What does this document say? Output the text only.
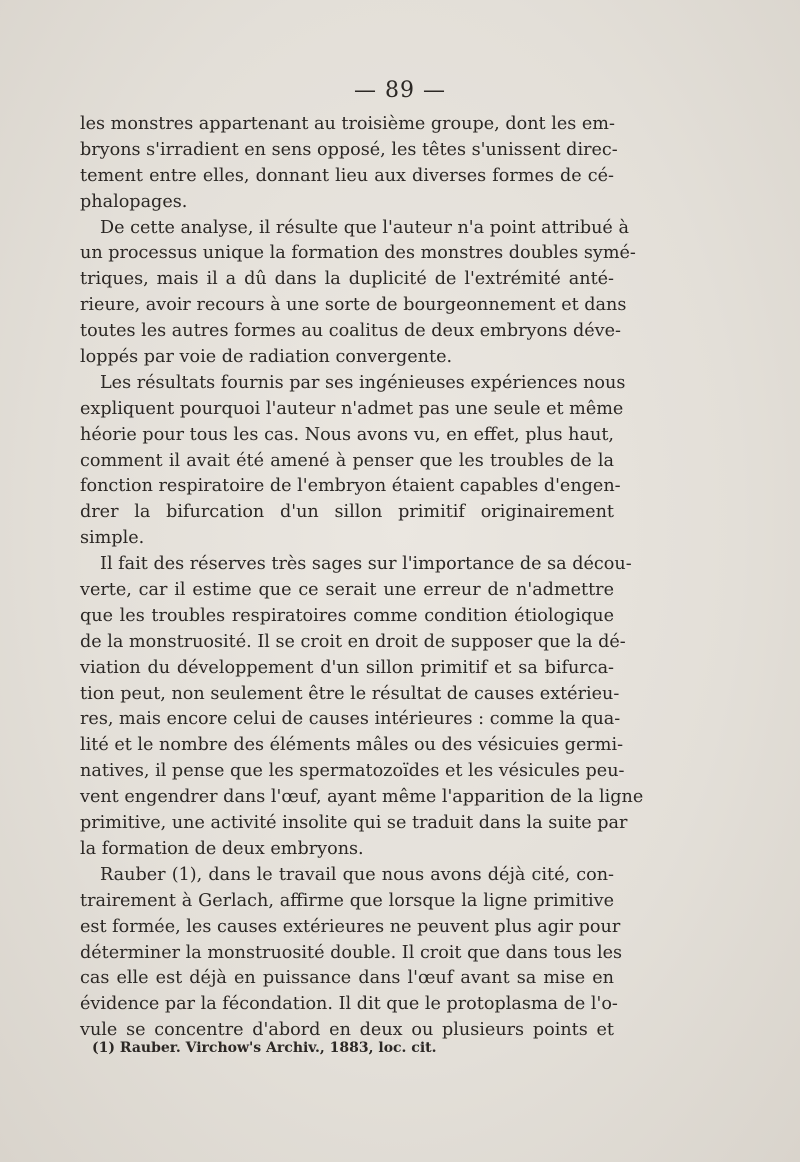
— 89 —
les monstres appartenant au troisième groupe, dont les em-
bryons s'irradient en sens opposé, les têtes s'unissent direc-
tement entre elles, donnant lieu aux diverses formes de cé-
phalopages.
De cette analyse, il résulte que l'auteur n'a point attribué à
un processus unique la formation des monstres doubles symé-
triques, mais il a dû dans la duplicité de l'extrémité anté-
rieure, avoir recours à une sorte de bourgeonnement et dans
toutes les autres formes au coalitus de deux embryons déve-
loppés par voie de radiation convergente.
Les résultats fournis par ses ingénieuses expériences nous
expliquent pourquoi l'auteur n'admet pas une seule et même
héorie pour tous les cas. Nous avons vu, en effet, plus haut,
comment il avait été amené à penser que les troubles de la
fonction respiratoire de l'embryon étaient capables d'engen-
drer la bifurcation d'un sillon primitif originairement
simple.
Il fait des réserves très sages sur l'importance de sa décou-
verte, car il estime que ce serait une erreur de n'admettre
que les troubles respiratoires comme condition étiologique
de la monstruosité. Il se croit en droit de supposer que la dé-
viation du développement d'un sillon primitif et sa bifurca-
tion peut, non seulement être le résultat de causes extérieu-
res, mais encore celui de causes intérieures : comme la qua-
lité et le nombre des éléments mâles ou des vésicuies germi-
natives, il pense que les spermatozoïdes et les vésicules peu-
vent engendrer dans l'œuf, ayant même l'apparition de la ligne
primitive, une activité insolite qui se traduit dans la suite par
la formation de deux embryons.
Rauber (1), dans le travail que nous avons déjà cité, con-
trairement à Gerlach, affirme que lorsque la ligne primitive
est formée, les causes extérieures ne peuvent plus agir pour
déterminer la monstruosité double. Il croit que dans tous les
cas elle est déjà en puissance dans l'œuf avant sa mise en
évidence par la fécondation. Il dit que le protoplasma de l'o-
vule se concentre d'abord en deux ou plusieurs points et
(1) Rauber. Virchow's Archiv., 1883, loc. cit.
